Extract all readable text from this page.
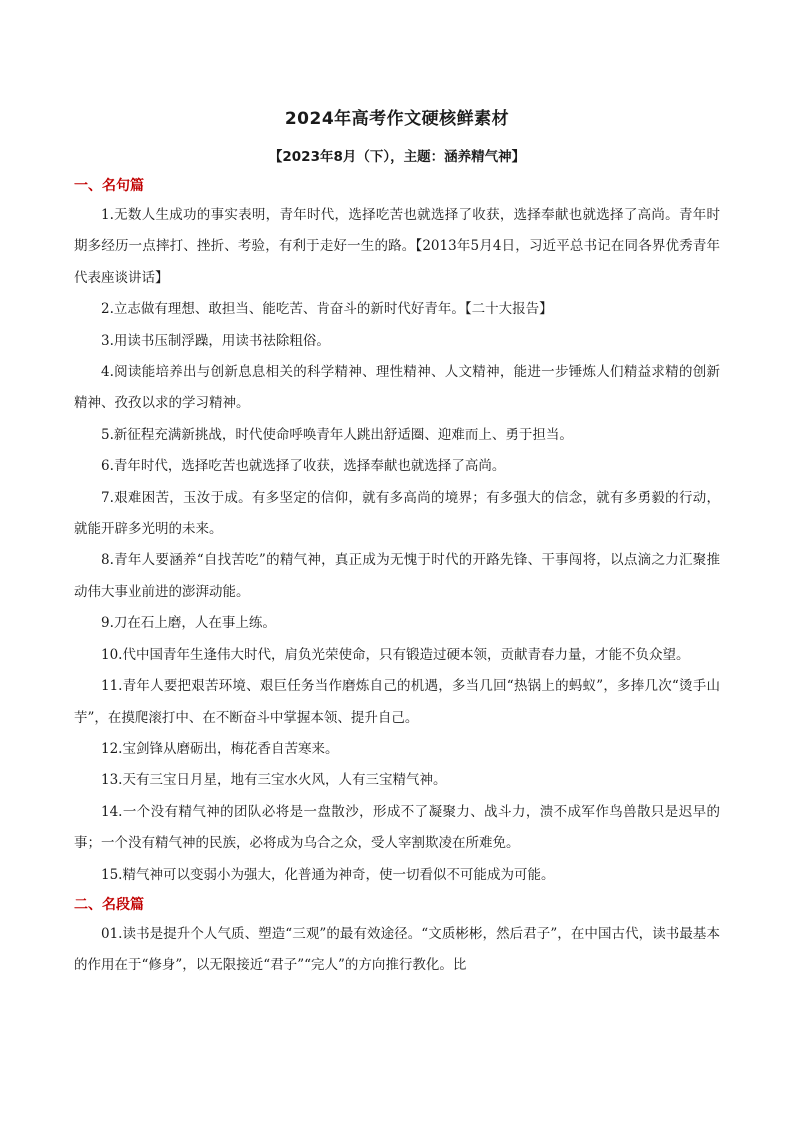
2024年高考作文硬核鲜素材
【2023年8月（下），主题：涵养精气神】
一、名句篇

1.无数人生成功的事实表明，青年时代，选择吃苦也就选择了收获，选择奉献也就选择了高尚。青年时期多经历一点摔打、挫折、考验，有利于走好一生的路。【2013年5月4日，习近平总书记在同各界优秀青年代表座谈讲话】

2.立志做有理想、敢担当、能吃苦、肯奋斗的新时代好青年。【二十大报告】

3.用读书压制浮躁，用读书祛除粗俗。

4.阅读能培养出与创新息息相关的科学精神、理性精神、人文精神，能进一步锤炼人们精益求精的创新精神、孜孜以求的学习精神。

5.新征程充满新挑战，时代使命呼唤青年人跳出舒适圈、迎难而上、勇于担当。

6.青年时代，选择吃苦也就选择了收获，选择奉献也就选择了高尚。

7.艰难困苦，玉汝于成。有多坚定的信仰，就有多高尚的境界；有多强大的信念，就有多勇毅的行动，就能开辟多光明的未来。

8.青年人要涵养“自找苦吃”的精气神，真正成为无愧于时代的开路先锋、干事闯将，以点滴之力汇聚推动伟大事业前进的澎湃动能。

9.刀在石上磨，人在事上练。

10.代中国青年生逢伟大时代，肩负光荣使命，只有锻造过硬本领，贡献青春力量，才能不负众望。

11.青年人要把艰苦环境、艰巨任务当作磨炼自己的机遇，多当几回“热锅上的蚂蚁”，多捧几次“烫手山芋”，在摸爬滚打中、在不断奋斗中掌握本领、提升自己。

12.宝剑锋从磨砺出，梅花香自苦寒来。

13.天有三宝日月星，地有三宝水火风，人有三宝精气神。

14.一个没有精气神的团队必将是一盘散沙，形成不了凝聚力、战斗力，溃不成军作鸟兽散只是迟早的事；一个没有精气神的民族，必将成为乌合之众，受人宰割欺凌在所难免。

15.精气神可以变弱小为强大，化普通为神奇，使一切看似不可能成为可能。

二、名段篇

01.读书是提升个人气质、塑造“三观”的最有效途径。“文质彬彬，然后君子”，在中国古代，读书最基本的作用在于“修身”，以无限接近“君子”“完人”的方向推行教化。比
